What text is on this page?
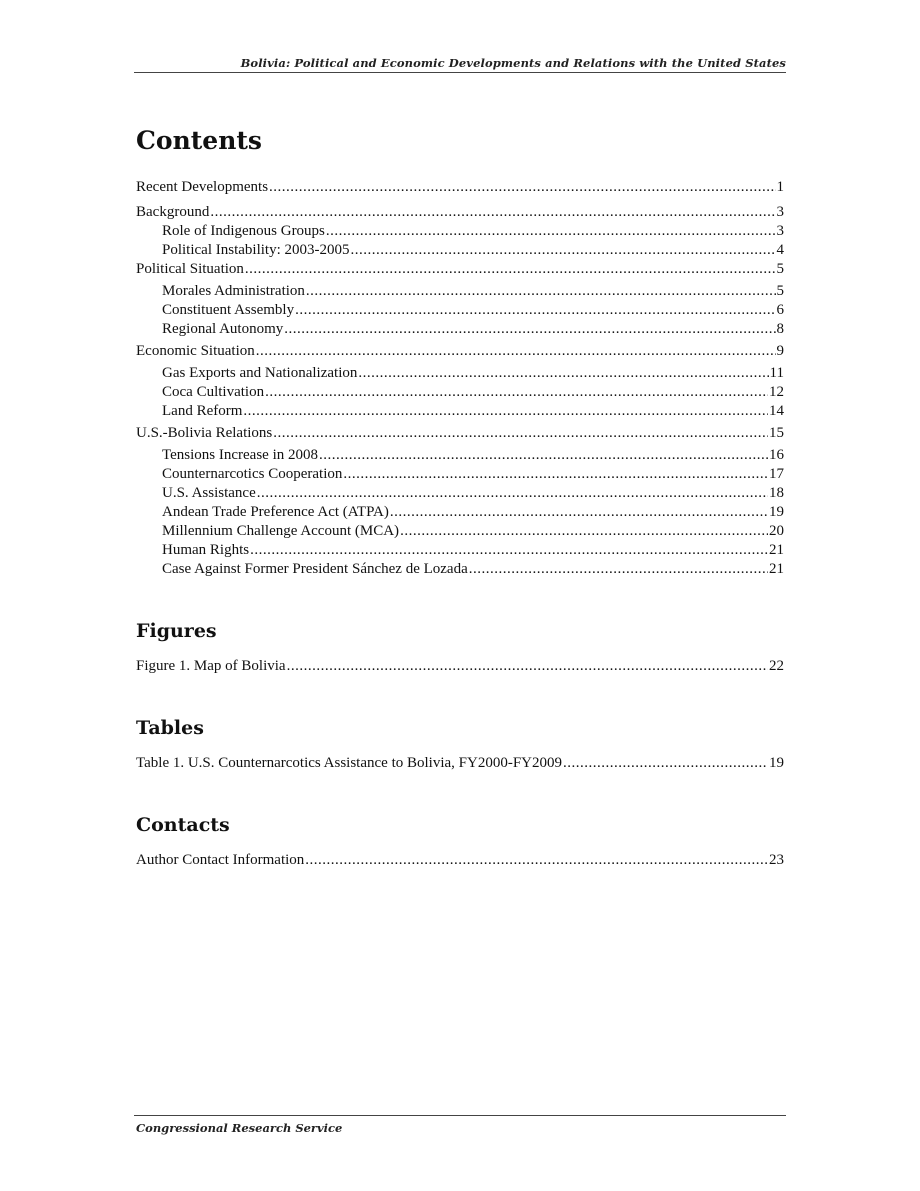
Bolivia: Political and Economic Developments and Relations with the United States
Contents
Recent Developments .....	1
Background .....	3
Role of Indigenous Groups .....	3
Political Instability: 2003-2005 .....	4
Political Situation .....	5
Morales Administration .....	5
Constituent Assembly .....	6
Regional Autonomy .....	8
Economic Situation .....	9
Gas Exports and Nationalization .....	11
Coca Cultivation .....	12
Land Reform .....	14
U.S.-Bolivia Relations .....	15
Tensions Increase in 2008 .....	16
Counternarcotics Cooperation .....	17
U.S. Assistance .....	18
Andean Trade Preference Act (ATPA) .....	19
Millennium Challenge Account (MCA) .....	20
Human Rights .....	21
Case Against Former President Sánchez de Lozada .....	21
Figures
Figure 1. Map of Bolivia .....	22
Tables
Table 1. U.S. Counternarcotics Assistance to Bolivia, FY2000-FY2009 .....	19
Contacts
Author Contact Information .....	23
Congressional Research Service
